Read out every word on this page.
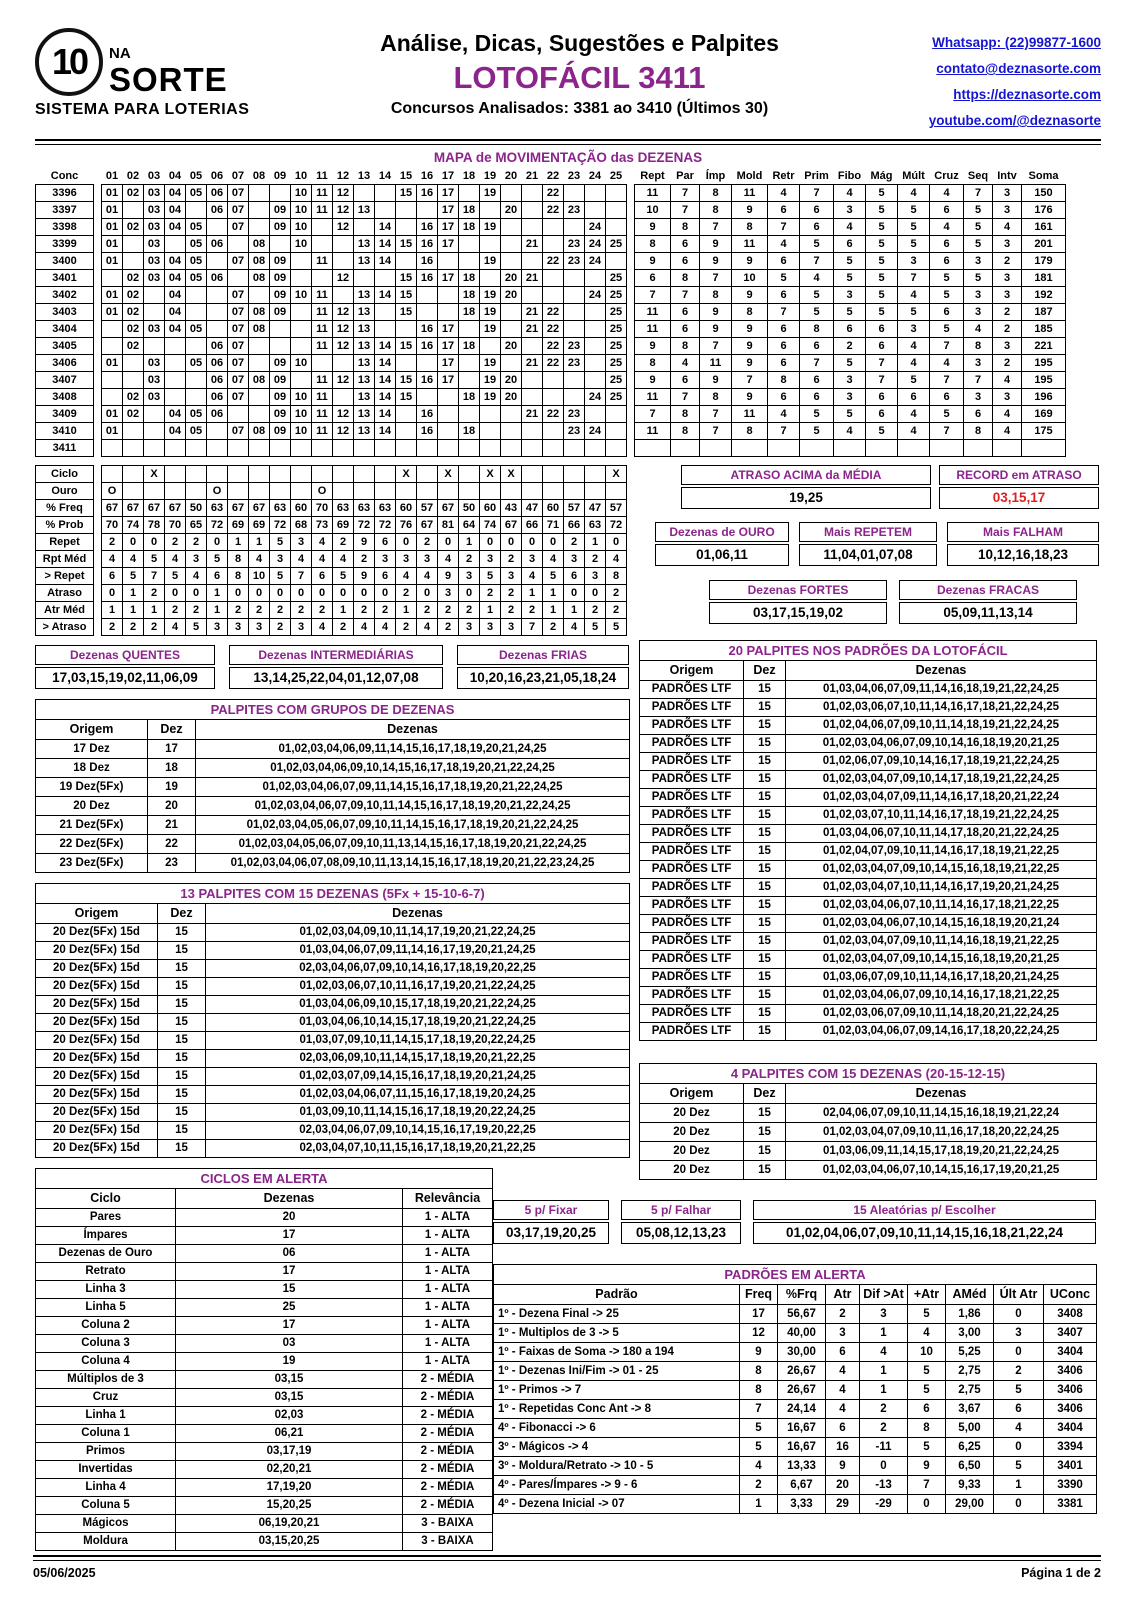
10 NA
SORTE
SISTEMA PARA LOTERIAS
Análise, Dicas, Sugestões e Palpites
LOTOFÁCIL 3411
Concursos Analisados: 3381 ao 3410 (Últimos 30)
Whatsapp: (22)99877-1600
contato@deznasorte.com
https://deznasorte.com
youtube.com/@deznasorte
MAPA de MOVIMENTAÇÃO das DEZENAS
Conc		01	02	03	04	05	06	07	08	09	10	11	12	13	14	15	16	17	18	19	20	21	22	23	24	25		Rept	Par	Ímp	Mold	Retr	Prim	Fibo	Mág	Múlt	Cruz	Seq	Intv	Soma
3396		01	02	03	04	05	06	07			10	11	12			15	16	17		19			22					11	7	8	11	4	7	4	5	4	4	7	3	150
3397		01		03	04		06	07		09	10	11	12	13				17	18		20		22	23				10	7	8	9	6	6	3	5	5	6	5	3	176
3398		01	02	03	04	05		07		09	10		12		14		16	17	18	19					24			9	8	7	8	7	6	4	5	5	4	5	4	161
3399		01		03		05	06		08		10			13	14	15	16	17				21		23	24	25		8	6	9	11	4	5	6	5	5	6	5	3	201
3400		01		03	04	05		07	08	09		11		13	14		16			19			22	23	24			9	6	9	9	6	7	5	5	3	6	3	2	179
3401			02	03	04	05	06		08	09			12			15	16	17	18		20	21				25		6	8	7	10	5	4	5	5	7	5	5	3	181
3402		01	02		04			07		09	10	11		13	14	15			18	19	20				24	25		7	7	8	9	6	5	3	5	4	5	3	3	192
3403		01	02		04			07	08	09		11	12	13		15			18	19		21	22			25		11	6	9	8	7	5	5	5	5	6	3	2	187
3404			02	03	04	05		07	08			11	12	13			16	17		19		21	22			25		11	6	9	9	6	8	6	6	3	5	4	2	185
3405			02				06	07				11	12	13	14	15	16	17	18		20		22	23		25		9	8	7	9	6	6	2	6	4	7	8	3	221
3406		01		03		05	06	07		09	10			13	14			17		19		21	22	23		25		8	4	11	9	6	7	5	7	4	4	3	2	195
3407				03			06	07	08	09		11	12	13	14	15	16	17		19	20					25		9	6	9	7	8	6	3	7	5	7	7	4	195
3408			02	03			06	07		09	10	11		13	14	15			18	19	20				24	25		11	7	8	9	6	6	3	6	6	6	3	3	196
3409		01	02		04	05	06			09	10	11	12	13	14		16					21	22	23				7	8	7	11	4	5	5	6	4	5	6	4	169
3410		01			04	05		07	08	09	10	11	12	13	14		16		18					23	24			11	8	7	8	7	5	4	5	4	7	8	4	175
3411																																								
Ciclo				X												X		X		X	X					X
Ouro		O					O					O														
% Freq		67	67	67	67	50	63	67	67	63	60	70	63	63	63	60	57	67	50	60	43	47	60	57	47	57
% Prob		70	74	78	70	65	72	69	69	72	68	73	69	72	72	76	67	81	64	74	67	66	71	66	63	72
Repet		2	0	0	2	2	0	1	1	5	3	4	2	9	6	0	2	0	1	0	0	0	0	2	1	0
Rpt Méd		4	4	5	4	3	5	8	4	3	4	4	4	2	3	3	3	4	2	3	2	3	4	3	2	4
> Repet		6	5	7	5	4	6	8	10	5	7	6	5	9	6	4	4	9	3	5	3	4	5	6	3	8
Atraso		0	1	2	0	0	1	0	0	0	0	0	0	0	0	2	0	3	0	2	2	1	1	0	0	2
Atr Méd		1	1	1	2	2	1	2	2	2	2	2	1	2	2	1	2	2	2	1	2	2	1	1	2	2
> Atraso		2	2	2	4	5	3	3	3	2	3	4	2	4	4	2	4	2	3	3	3	7	2	4	5	5
Dezenas QUENTES
17,03,15,19,02,11,06,09
Dezenas INTERMEDIÁRIAS
13,14,25,22,04,01,12,07,08
Dezenas FRIAS
10,20,16,23,21,05,18,24
PALPITES COM GRUPOS DE DEZENAS		
Origem	Dez	Dezenas
17 Dez	17	01,02,03,04,06,09,11,14,15,16,17,18,19,20,21,24,25
18 Dez	18	01,02,03,04,06,09,10,14,15,16,17,18,19,20,21,22,24,25
19 Dez(5Fx)	19	01,02,03,04,06,07,09,11,14,15,16,17,18,19,20,21,22,24,25
20 Dez	20	01,02,03,04,06,07,09,10,11,14,15,16,17,18,19,20,21,22,24,25
21 Dez(5Fx)	21	01,02,03,04,05,06,07,09,10,11,14,15,16,17,18,19,20,21,22,24,25
22 Dez(5Fx)	22	01,02,03,04,05,06,07,09,10,11,13,14,15,16,17,18,19,20,21,22,24,25
23 Dez(5Fx)	23	01,02,03,04,06,07,08,09,10,11,13,14,15,16,17,18,19,20,21,22,23,24,25
13 PALPITES COM 15 DEZENAS (5Fx + 15-10-6-7)		
Origem	Dez	Dezenas
20 Dez(5Fx) 15d	15	01,02,03,04,09,10,11,14,17,19,20,21,22,24,25
20 Dez(5Fx) 15d	15	01,03,04,06,07,09,11,14,16,17,19,20,21,24,25
20 Dez(5Fx) 15d	15	02,03,04,06,07,09,10,14,16,17,18,19,20,22,25
20 Dez(5Fx) 15d	15	01,02,03,06,07,10,11,16,17,19,20,21,22,24,25
20 Dez(5Fx) 15d	15	01,03,04,06,09,10,15,17,18,19,20,21,22,24,25
20 Dez(5Fx) 15d	15	01,03,04,06,10,14,15,17,18,19,20,21,22,24,25
20 Dez(5Fx) 15d	15	01,03,07,09,10,11,14,15,17,18,19,20,22,24,25
20 Dez(5Fx) 15d	15	02,03,06,09,10,11,14,15,17,18,19,20,21,22,25
20 Dez(5Fx) 15d	15	01,02,03,07,09,14,15,16,17,18,19,20,21,24,25
20 Dez(5Fx) 15d	15	01,02,03,04,06,07,11,15,16,17,18,19,20,24,25
20 Dez(5Fx) 15d	15	01,03,09,10,11,14,15,16,17,18,19,20,22,24,25
20 Dez(5Fx) 15d	15	02,03,04,06,07,09,10,14,15,16,17,19,20,22,25
20 Dez(5Fx) 15d	15	02,03,04,07,10,11,15,16,17,18,19,20,21,22,25
CICLOS EM ALERTA		
Ciclo	Dezenas	Relevância
Pares	20	1 - ALTA
Ímpares	17	1 - ALTA
Dezenas de Ouro	06	1 - ALTA
Retrato	17	1 - ALTA
Linha 3	15	1 - ALTA
Linha 5	25	1 - ALTA
Coluna 2	17	1 - ALTA
Coluna 3	03	1 - ALTA
Coluna 4	19	1 - ALTA
Múltiplos de 3	03,15	2 - MÉDIA
Cruz	03,15	2 - MÉDIA
Linha 1	02,03	2 - MÉDIA
Coluna 1	06,21	2 - MÉDIA
Primos	03,17,19	2 - MÉDIA
Invertidas	02,20,21	2 - MÉDIA
Linha 4	17,19,20	2 - MÉDIA
Coluna 5	15,20,25	2 - MÉDIA
Mágicos	06,19,20,21	3 - BAIXA
Moldura	03,15,20,25	3 - BAIXA
ATRASO ACIMA da MÉDIA
19,25
RECORD em ATRASO
03,15,17
Dezenas de OURO
01,06,11
Mais REPETEM
11,04,01,07,08
Mais FALHAM
10,12,16,18,23
Dezenas FORTES
03,17,15,19,02
Dezenas FRACAS
05,09,11,13,14
20 PALPITES NOS PADRÕES DA LOTOFÁCIL		
Origem	Dez	Dezenas
PADRÕES LTF	15	01,03,04,06,07,09,11,14,16,18,19,21,22,24,25
PADRÕES LTF	15	01,02,03,06,07,10,11,14,16,17,18,21,22,24,25
PADRÕES LTF	15	01,02,04,06,07,09,10,11,14,18,19,21,22,24,25
PADRÕES LTF	15	01,02,03,04,06,07,09,10,14,16,18,19,20,21,25
PADRÕES LTF	15	01,02,06,07,09,10,14,16,17,18,19,21,22,24,25
PADRÕES LTF	15	01,02,03,04,07,09,10,14,17,18,19,21,22,24,25
PADRÕES LTF	15	01,02,03,04,07,09,11,14,16,17,18,20,21,22,24
PADRÕES LTF	15	01,02,03,07,10,11,14,16,17,18,19,21,22,24,25
PADRÕES LTF	15	01,03,04,06,07,10,11,14,17,18,20,21,22,24,25
PADRÕES LTF	15	01,02,04,07,09,10,11,14,16,17,18,19,21,22,25
PADRÕES LTF	15	01,02,03,04,07,09,10,14,15,16,18,19,21,22,25
PADRÕES LTF	15	01,02,03,04,07,10,11,14,16,17,19,20,21,24,25
PADRÕES LTF	15	01,02,03,04,06,07,10,11,14,16,17,18,21,22,25
PADRÕES LTF	15	01,02,03,04,06,07,10,14,15,16,18,19,20,21,24
PADRÕES LTF	15	01,02,03,04,07,09,10,11,14,16,18,19,21,22,25
PADRÕES LTF	15	01,02,03,04,07,09,10,14,15,16,18,19,20,21,25
PADRÕES LTF	15	01,03,06,07,09,10,11,14,16,17,18,20,21,24,25
PADRÕES LTF	15	01,02,03,04,06,07,09,10,14,16,17,18,21,22,25
PADRÕES LTF	15	01,02,03,06,07,09,10,11,14,18,20,21,22,24,25
PADRÕES LTF	15	01,02,03,04,06,07,09,14,16,17,18,20,22,24,25
4 PALPITES COM 15 DEZENAS (20-15-12-15)		
Origem	Dez	Dezenas
20 Dez	15	02,04,06,07,09,10,11,14,15,16,18,19,21,22,24
20 Dez	15	01,02,03,04,07,09,10,11,16,17,18,20,22,24,25
20 Dez	15	01,03,06,09,11,14,15,17,18,19,20,21,22,24,25
20 Dez	15	01,02,03,04,06,07,10,14,15,16,17,19,20,21,25
5 p/ Fixar
03,17,19,20,25
5 p/ Falhar
05,08,12,13,23
15 Aleatórias p/ Escolher
01,02,04,06,07,09,10,11,14,15,16,18,21,22,24
PADRÕES EM ALERTA								
Padrão	Freq	%Frq	Atr	Dif >At	+Atr	AMéd	Últ Atr	UConc
1º - Dezena Final -> 25	17	56,67	2	3	5	1,86	0	3408
1º - Multiplos de 3 -> 5	12	40,00	3	1	4	3,00	3	3407
1º - Faixas de Soma -> 180 a 194	9	30,00	6	4	10	5,25	0	3404
1º - Dezenas Ini/Fim -> 01 - 25	8	26,67	4	1	5	2,75	2	3406
1º - Primos -> 7	8	26,67	4	1	5	2,75	5	3406
1º - Repetidas Conc Ant -> 8	7	24,14	4	2	6	3,67	6	3406
4º - Fibonacci -> 6	5	16,67	6	2	8	5,00	4	3404
3º - Mágicos -> 4	5	16,67	16	-11	5	6,25	0	3394
3º - Moldura/Retrato -> 10 - 5	4	13,33	9	0	9	6,50	5	3401
4º - Pares/Ímpares -> 9 - 6	2	6,67	20	-13	7	9,33	1	3390
4º - Dezena Inicial -> 07	1	3,33	29	-29	0	29,00	0	3381
05/06/2025	Página 1 de 2
